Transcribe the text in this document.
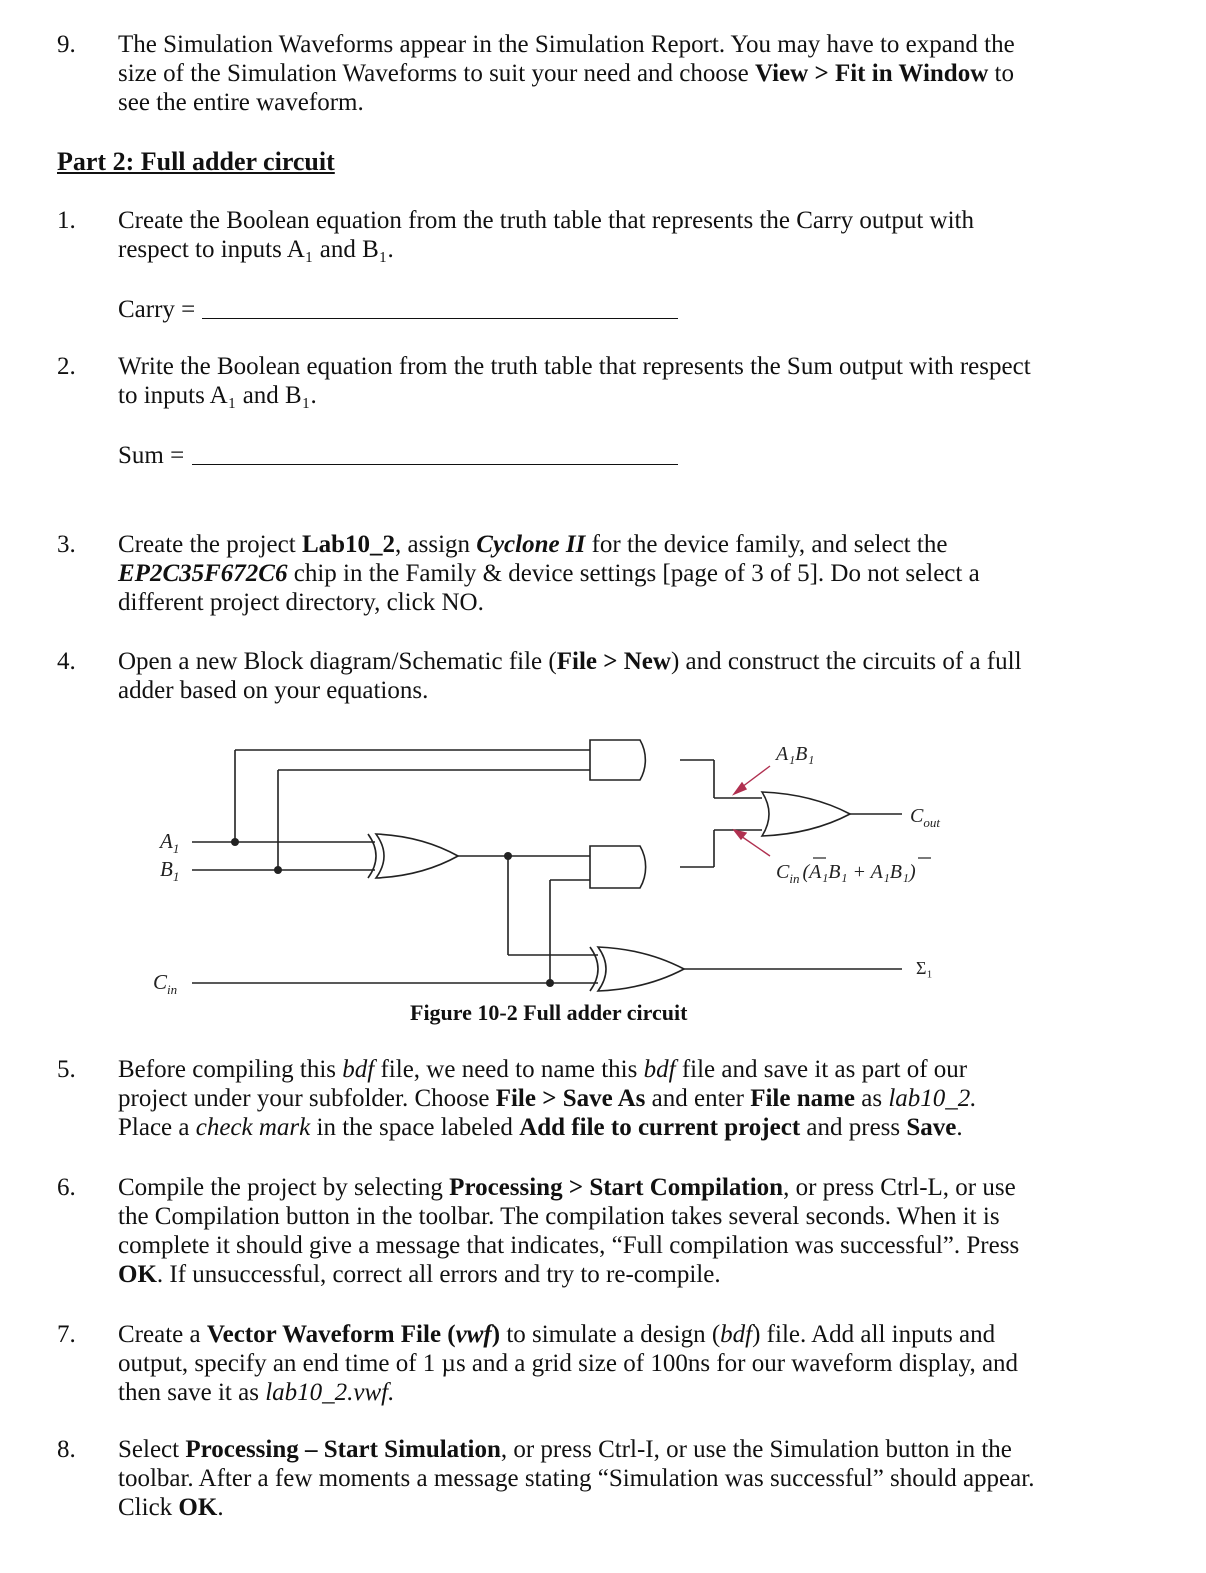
9. The Simulation Waveforms appear in the Simulation Report. You may have to expand the
size of the Simulation Waveforms to suit your need and choose View > Fit in Window to
see the entire waveform.
Part 2: Full adder circuit
1. Create the Boolean equation from the truth table that represents the Carry output with
respect to inputs A₁ and B₁.
Carry =
2. Write the Boolean equation from the truth table that represents the Sum output with respect
to inputs A₁ and B₁.
Sum =
3. Create the project Lab10_2, assign Cyclone II for the device family, and select the
EP2C35F672C6 chip in the Family & device settings [page of 3 of 5]. Do not select a
different project directory, click NO.
4. Open a new Block diagram/Schematic file (File > New) and construct the circuits of a full
adder based on your equations.
$A_1$
$B_1$
$C_{in}$
A₁B₁
$C_{out}$
$C_{in}$ (A₁B₁ + A₁B₁)
Σ₁
Figure 10-2 Full adder circuit
5. Before compiling this bdf file, we need to name this bdf file and save it as part of our
project under your subfolder. Choose File > Save As and enter File name as lab10_2.
Place a check mark in the space labeled Add file to current project and press Save.
6. Compile the project by selecting Processing > Start Compilation, or press Ctrl-L, or use
the Compilation button in the toolbar. The compilation takes several seconds. When it is
complete it should give a message that indicates, “Full compilation was successful”. Press
OK. If unsuccessful, correct all errors and try to re-compile.
7. Create a Vector Waveform File (vwf) to simulate a design (bdf) file. Add all inputs and
output, specify an end time of 1 µs and a grid size of 100ns for our waveform display, and
then save it as lab10_2.vwf.
8. Select Processing – Start Simulation, or press Ctrl-I, or use the Simulation button in the
toolbar. After a few moments a message stating “Simulation was successful” should appear.
Click OK.
